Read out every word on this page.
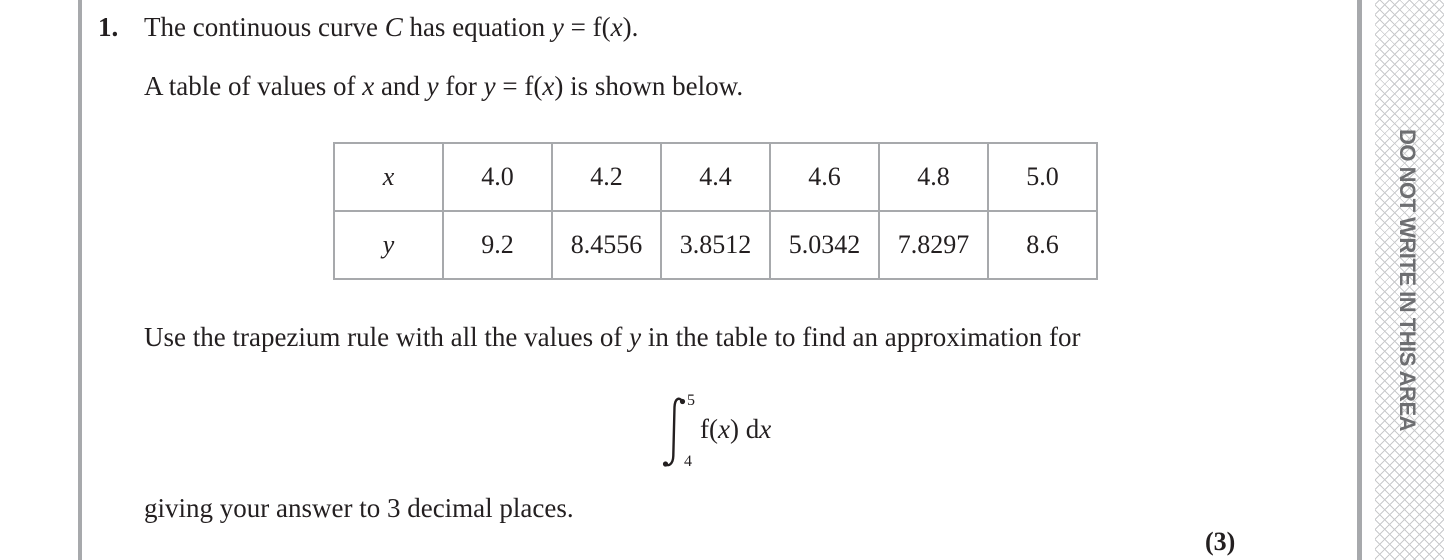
DO NOT WRITE IN THIS AREA
1. The continuous curve C has equation y = f(x).
A table of values of x and y for y = f(x) is shown below.
x	4.0	4.2	4.4	4.6	4.8	5.0
y	9.2	8.4556	3.8512	5.0342	7.8297	8.6
Use the trapezium rule with all the values of y in the table to find an approximation for
5
4
f(x) dx
giving your answer to 3 decimal places.
(3)
